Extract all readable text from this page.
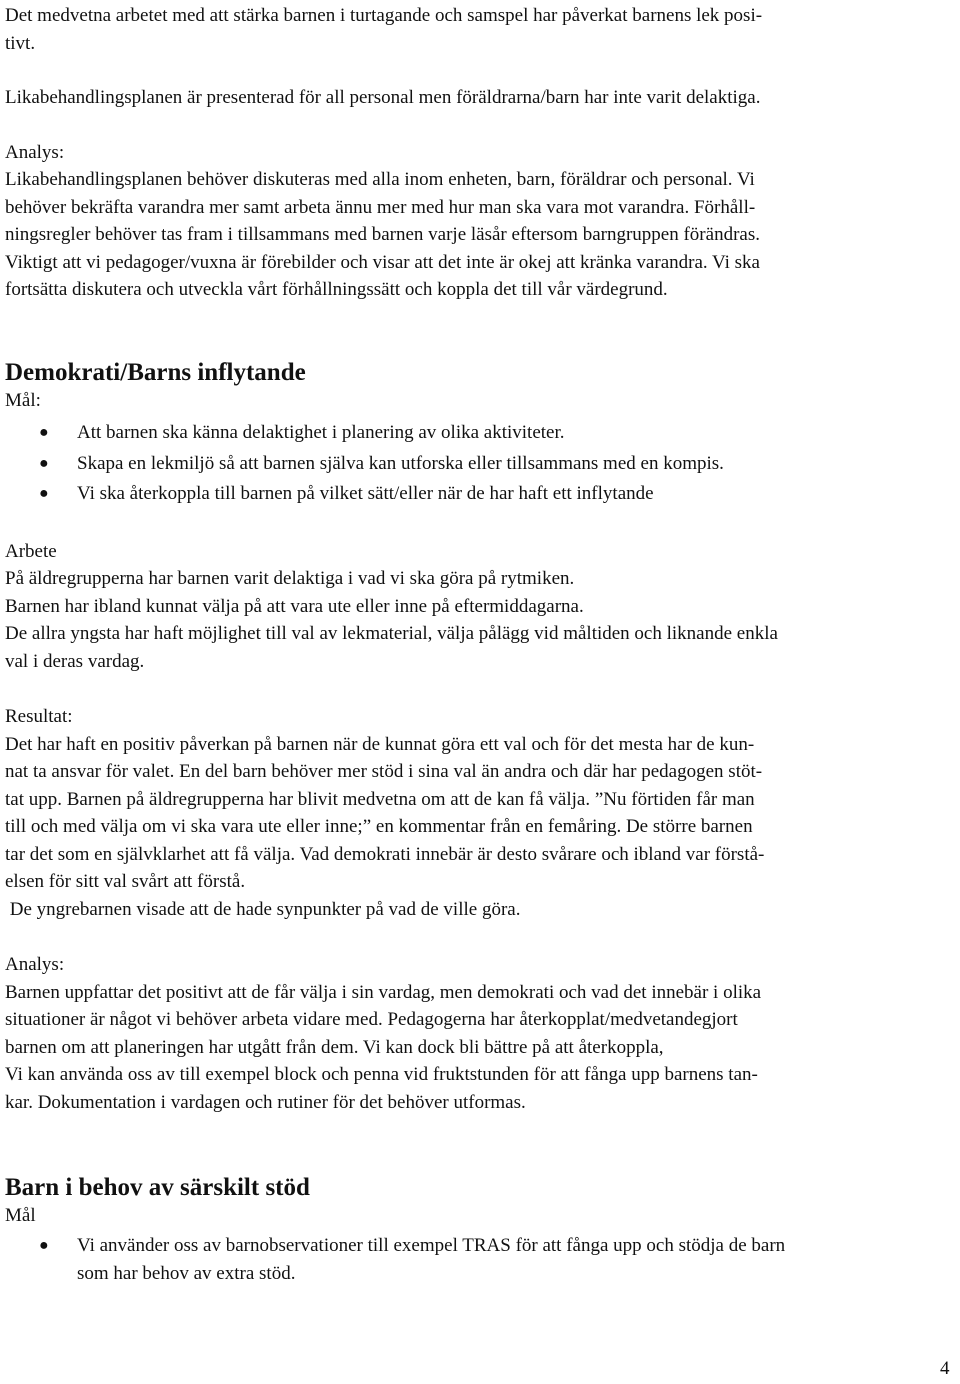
Det medvetna arbetet med att stärka barnen i turtagande och samspel har påverkat barnens lek posi-

tivt.

Likabehandlingsplanen är presenterad för all personal men föräldrarna/barn har inte varit delaktiga.

Analys:

Likabehandlingsplanen behöver diskuteras med alla inom enheten, barn, föräldrar och personal. Vi

behöver bekräfta varandra mer samt arbeta ännu mer med hur man ska vara mot varandra. Förhåll-

ningsregler behöver tas fram i tillsammans med barnen varje läsår eftersom barngruppen förändras.

Viktigt att vi pedagoger/vuxna är förebilder och visar att det inte är okej att kränka varandra. Vi ska

fortsätta diskutera och utveckla vårt förhållningssätt och koppla det till vår värdegrund.

Demokrati/Barns inflytande

Mål:

● Att barnen ska känna delaktighet i planering av olika aktiviteter.
● Skapa en lekmiljö så att barnen själva kan utforska eller tillsammans med en kompis.
● Vi ska återkoppla till barnen på vilket sätt/eller när de har haft ett inflytande

Arbete

På äldregrupperna har barnen varit delaktiga i vad vi ska göra på rytmiken.

Barnen har ibland kunnat välja på att vara ute eller inne på eftermiddagarna.

De allra yngsta har haft möjlighet till val av lekmaterial, välja pålägg vid måltiden och liknande enkla

val i deras vardag.

Resultat:

Det har haft en positiv påverkan på barnen när de kunnat göra ett val och för det mesta har de kun-

nat ta ansvar för valet. En del barn behöver mer stöd i sina val än andra och där har pedagogen stöt-

tat upp. Barnen på äldregrupperna har blivit medvetna om att de kan få välja. ”Nu förtiden får man

till och med välja om vi ska vara ute eller inne;” en kommentar från en femåring. De större barnen

tar det som en självklarhet att få välja. Vad demokrati innebär är desto svårare och ibland var förstå-

elsen för sitt val svårt att förstå.

De yngrebarnen visade att de hade synpunkter på vad de ville göra.

Analys:

Barnen uppfattar det positivt att de får välja i sin vardag, men demokrati och vad det innebär i olika

situationer är något vi behöver arbeta vidare med. Pedagogerna har återkopplat/medvetandegjort

barnen om att planeringen har utgått från dem. Vi kan dock bli bättre på att återkoppla,

Vi kan använda oss av till exempel block och penna vid fruktstunden för att fånga upp barnens tan-

kar. Dokumentation i vardagen och rutiner för det behöver utformas.

Barn i behov av särskilt stöd

Mål

● Vi använder oss av barnobservationer till exempel TRAS för att fånga upp och stödja de barn
som har behov av extra stöd.
4
